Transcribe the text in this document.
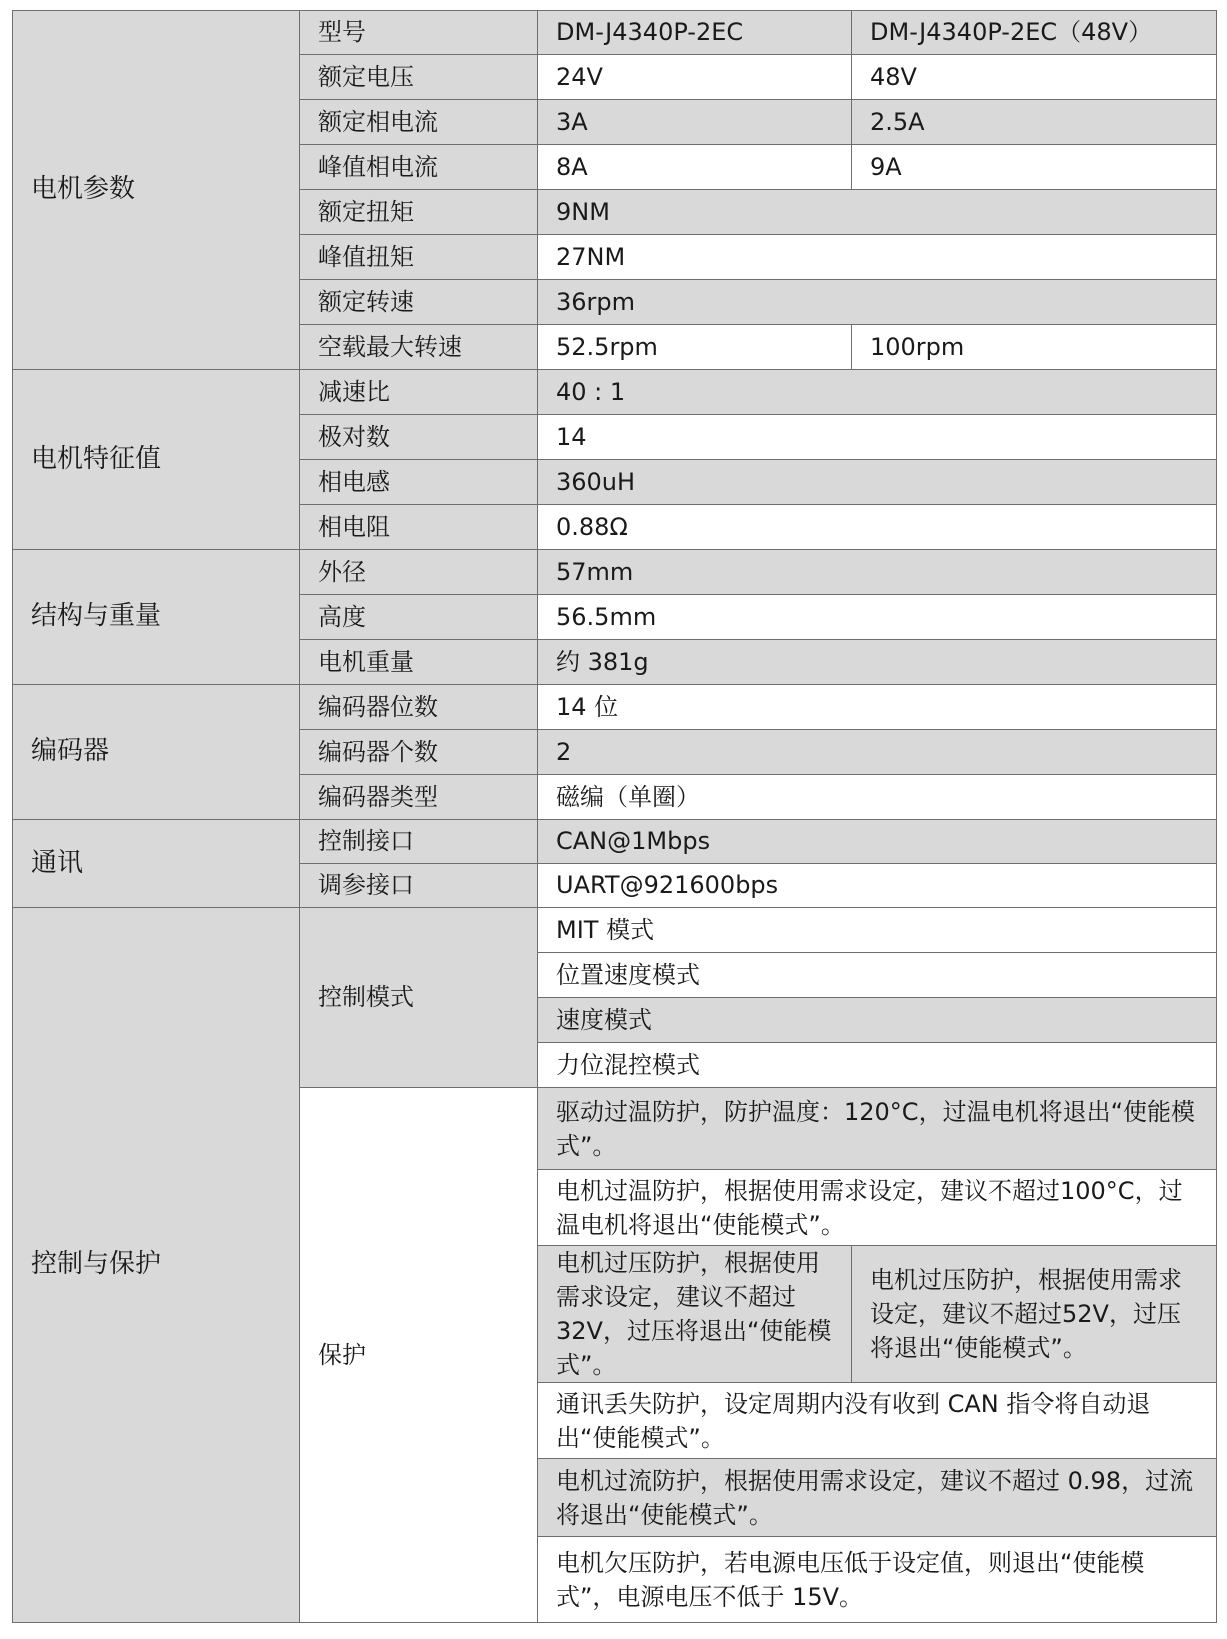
电机参数	型号	DM-J4340P-2EC	DM-J4340P-2EC（48V）
	额定电压	24V	48V
	额定相电流	3A	2.5A
	峰值相电流	8A	9A
	额定扭矩	9NM	
	峰值扭矩	27NM	
	额定转速	36rpm	
	空载最大转速	52.5rpm	100rpm
电机特征值	减速比	40 : 1	
	极对数	14	
	相电感	360uH	
	相电阻	0.88Ω	
结构与重量	外径	57mm	
	高度	56.5mm	
	电机重量	约 381g	
编码器	编码器位数	14 位	
	编码器个数	2	
	编码器类型	磁编（单圈）	
通讯	控制接口	CAN@1Mbps	
	调参接口	UART@921600bps	
控制与保护	控制模式	MIT 模式	
		位置速度模式	
		速度模式	
		力位混控模式	
	保护	驱动过温防护，防护温度：120°C，过温电机将退出“使能模式”。	

		电机过温防护，根据使用需求设定，建议不超过100°C，过温电机将退出“使能模式”。	
		电机过压防护，根据使用需求设定，建议不超过32V，过压将退出“使能模式”。	电机过压防护，根据使用需求设定，建议不超过52V，过压将退出“使能模式”。
		通讯丢失防护，设定周期内没有收到 CAN 指令将自动退出“使能模式”。	
		电机过流防护，根据使用需求设定，建议不超过 0.98，过流将退出“使能模式”。	

		电机欠压防护，若电源电压低于设定值，则退出“使能模式”，电源电压不低于 15V。	
